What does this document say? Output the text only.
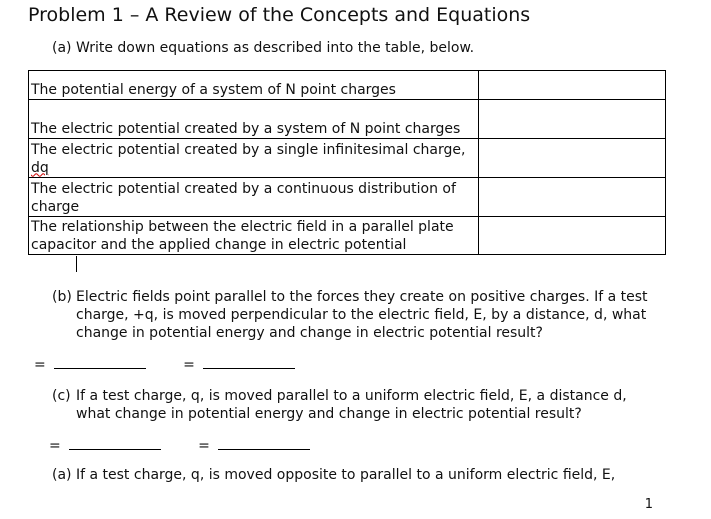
Problem 1 – A Review of the Concepts and Equations
(a) Write down equations as described into the table, below.
The potential energy of a system of N point charges	
The electric potential created by a system of N point charges	
The electric potential created by a single infinitesimal charge, dq	
The electric potential created by a continuous distribution of charge	
The relationship between the electric field in a parallel plate capacitor and the applied change in electric potential	
(b) Electric fields point parallel to the forces they create on positive charges. If a test charge, +q, is moved perpendicular to the electric field, E, by a distance, d, what change in potential energy and change in electric potential result?
=	=
(c) If a test charge, q, is moved parallel to a uniform electric field, E, a distance d, what change in potential energy and change in electric potential result?
=	=
(a) If a test charge, q, is moved opposite to parallel to a uniform electric field, E,
1
